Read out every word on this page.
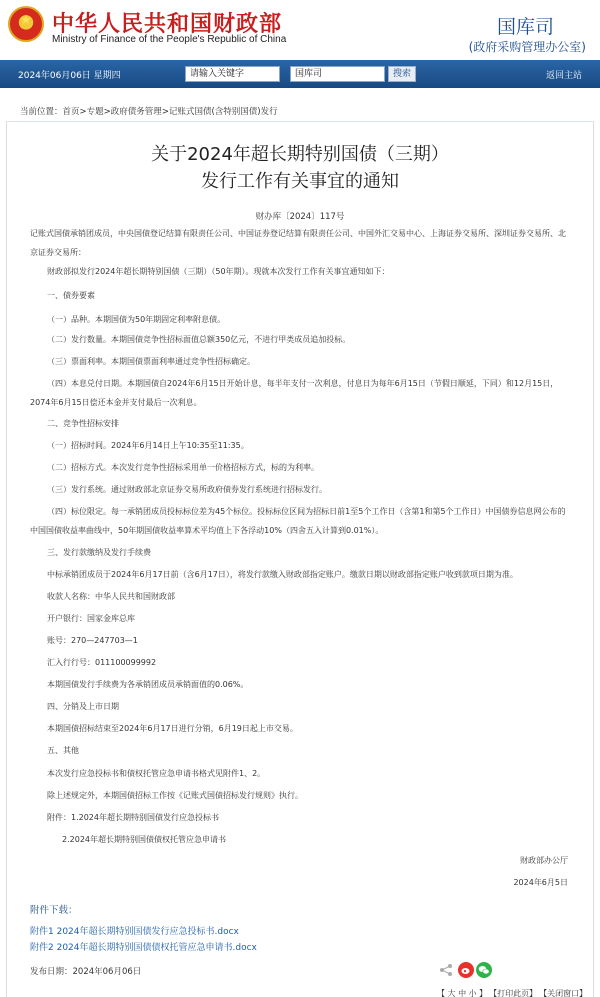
★ 中华人民共和国财政部
Ministry of Finance of the People's Republic of China
国库司
(政府采购管理办公室)
2024年06月06日 星期四	请输入关键字	国库司	搜索	返回主站
当前位置：首页>专题>政府债务管理>记账式国债(含特别国债)发行
关于2024年超长期特别国债（三期）
发行工作有关事宜的通知
财办库〔2024〕117号
记账式国债承销团成员，中央国债登记结算有限责任公司、中国证券登记结算有限责任公司、中国外汇交易中心、上海证券交易所、深圳证券交易所、北京证券交易所：
财政部拟发行2024年超长期特别国债（三期）（50年期）。现就本次发行工作有关事宜通知如下：
一、债券要素
（一）品种。本期国债为50年期固定利率附息债。
（二）发行数量。本期国债竞争性招标面值总额350亿元，不进行甲类成员追加投标。
（三）票面利率。本期国债票面利率通过竞争性招标确定。
（四）本息兑付日期。本期国债自2024年6月15日开始计息，每半年支付一次利息，付息日为每年6月15日（节假日顺延，下同）和12月15日，2074年6月15日偿还本金并支付最后一次利息。
二、竞争性招标安排
（一）招标时间。2024年6月14日上午10:35至11:35。
（二）招标方式。本次发行竞争性招标采用单一价格招标方式，标的为利率。
（三）发行系统。通过财政部北京证券交易所政府债券发行系统进行招标发行。
（四）标位限定。每一承销团成员投标标位差为45个标位。投标标位区间为招标日前1至5个工作日（含第1和第5个工作日）中国债券信息网公布的中国国债收益率曲线中，50年期国债收益率算术平均值上下各浮动10%（四舍五入计算到0.01%）。
三、发行款缴纳及发行手续费
中标承销团成员于2024年6月17日前（含6月17日），将发行款缴入财政部指定账户。缴款日期以财政部指定账户收到款项日期为准。
收款人名称：中华人民共和国财政部
开户银行：国家金库总库
账号：270—247703—1
汇入行行号：011100099992
本期国债发行手续费为各承销团成员承销面值的0.06%。
四、分销及上市日期
本期国债招标结束至2024年6月17日进行分销，6月19日起上市交易。
五、其他
本次发行应急投标书和债权托管应急申请书格式见附件1、2。
除上述规定外，本期国债招标工作按《记账式国债招标发行规则》执行。
附件：1.2024年超长期特别国债发行应急投标书
2.2024年超长期特别国债债权托管应急申请书
财政部办公厅
2024年6月5日
附件下载：
附件1 2024年超长期特别国债发行应急投标书.docx
附件2 2024年超长期特别国债债权托管应急申请书.docx
发布日期：2024年06月06日
【 大 中 小 】 【打印此页】 【关闭窗口】
